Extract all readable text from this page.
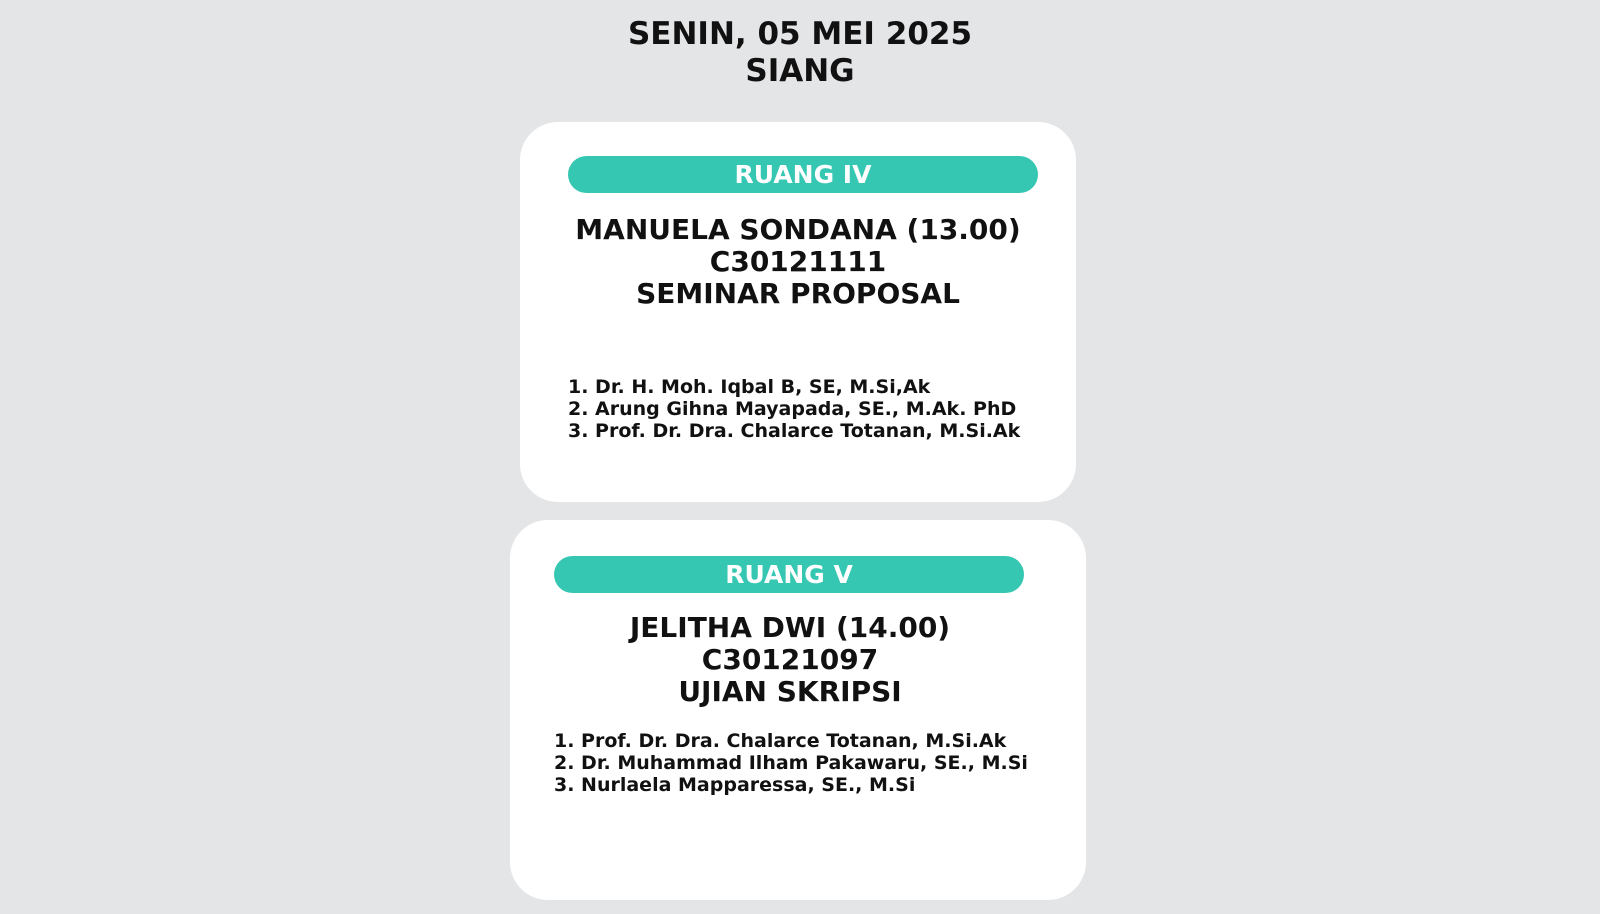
SENIN, 05 MEI 2025
SIANG
RUANG IV
MANUELA SONDANA (13.00)
C30121111
SEMINAR PROPOSAL
1. Dr. H. Moh. Iqbal B, SE, M.Si,Ak
2. Arung Gihna Mayapada, SE., M.Ak. PhD
3. Prof. Dr. Dra. Chalarce Totanan, M.Si.Ak
RUANG V
JELITHA DWI (14.00)
C30121097
UJIAN SKRIPSI
1. Prof. Dr. Dra. Chalarce Totanan, M.Si.Ak
2. Dr. Muhammad Ilham Pakawaru, SE., M.Si
3. Nurlaela Mapparessa, SE., M.Si
